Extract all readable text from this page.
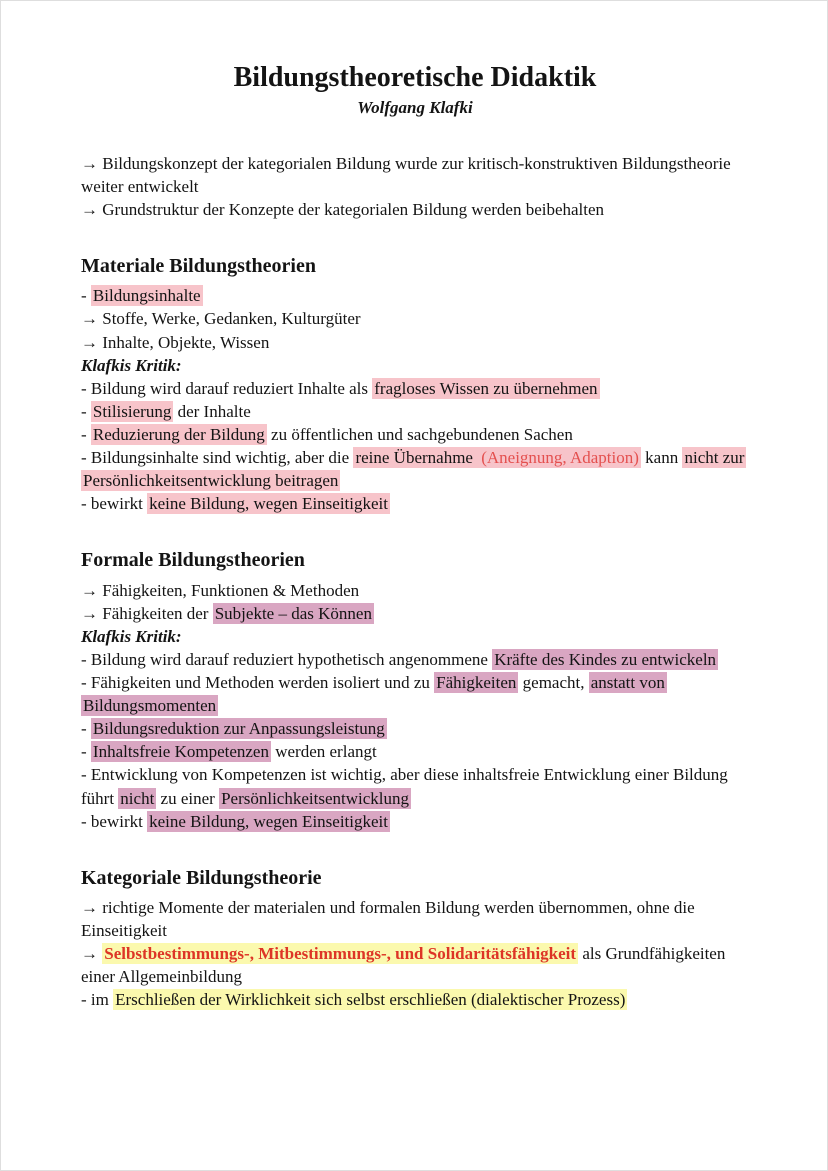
Bildungstheoretische Didaktik
Wolfgang Klafki

→ Bildungskonzept der kategorialen Bildung wurde zur kritisch-konstruktiven Bildungstheorie weiter entwickelt

→ Grundstruktur der Konzepte der kategorialen Bildung werden beibehalten

Materiale Bildungstheorien

- Bildungsinhalte

→ Stoffe, Werke, Gedanken, Kulturgüter

→ Inhalte, Objekte, Wissen

Klafkis Kritik:

- Bildung wird darauf reduziert Inhalte als fragloses Wissen zu übernehmen

- Stilisierung der Inhalte

- Reduzierung der Bildung zu öffentlichen und sachgebundenen Sachen

- Bildungsinhalte sind wichtig, aber die reine Übernahme (Aneignung, Adaption) kann nicht zur Persönlichkeitsentwicklung beitragen

- bewirkt keine Bildung, wegen Einseitigkeit

Formale Bildungstheorien

→ Fähigkeiten, Funktionen & Methoden

→ Fähigkeiten der Subjekte – das Können

Klafkis Kritik:

- Bildung wird darauf reduziert hypothetisch angenommene Kräfte des Kindes zu entwickeln

- Fähigkeiten und Methoden werden isoliert und zu Fähigkeiten gemacht, anstatt von Bildungsmomenten

- Bildungsreduktion zur Anpassungsleistung

- Inhaltsfreie Kompetenzen werden erlangt

- Entwicklung von Kompetenzen ist wichtig, aber diese inhaltsfreie Entwicklung einer Bildung führt nicht zu einer Persönlichkeitsentwicklung

- bewirkt keine Bildung, wegen Einseitigkeit

Kategoriale Bildungstheorie

→ richtige Momente der materialen und formalen Bildung werden übernommen, ohne die Einseitigkeit

→ Selbstbestimmungs-, Mitbestimmungs-, und Solidaritätsfähigkeit als Grundfähigkeiten einer Allgemeinbildung

- im Erschließen der Wirklichkeit sich selbst erschließen (dialektischer Prozess)
